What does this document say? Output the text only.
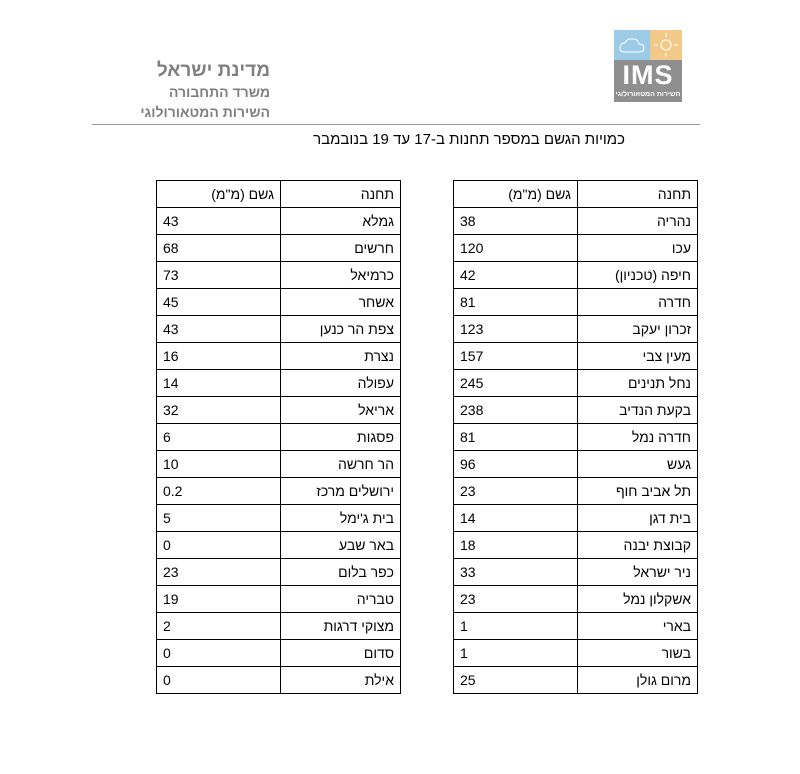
מדינת ישראל
משרד התחבורה
השירות המטאורולוגי
IMS
השירות המטאורולוגי
כמויות הגשם במספר תחנות ב-17 עד 19 בנובמבר
תחנה	גשם (מ"מ)
נהריה	38
עכו	120
חיפה (טכניון)	42
חדרה	81
זכרון יעקב	123
מעין צבי	157
נחל תנינים	245
בקעת הנדיב	238
חדרה נמל	81
געש	96
תל אביב חוף	23
בית דגן	14
קבוצת יבנה	18
ניר ישראל	33
אשקלון נמל	23
בארי	1
בשור	1
מרום גולן	25
תחנה	גשם (מ"מ)
גמלא	43
חרשים	68
כרמיאל	73
אשחר	45
צפת הר כנען	43
נצרת	16
עפולה	14
אריאל	32
פסגות	6
הר חרשה	10
ירושלים מרכז	0.2
בית ג'ימל	5
באר שבע	0
כפר בלום	23
טבריה	19
מצוקי דרגות	2
סדום	0
אילת	0
